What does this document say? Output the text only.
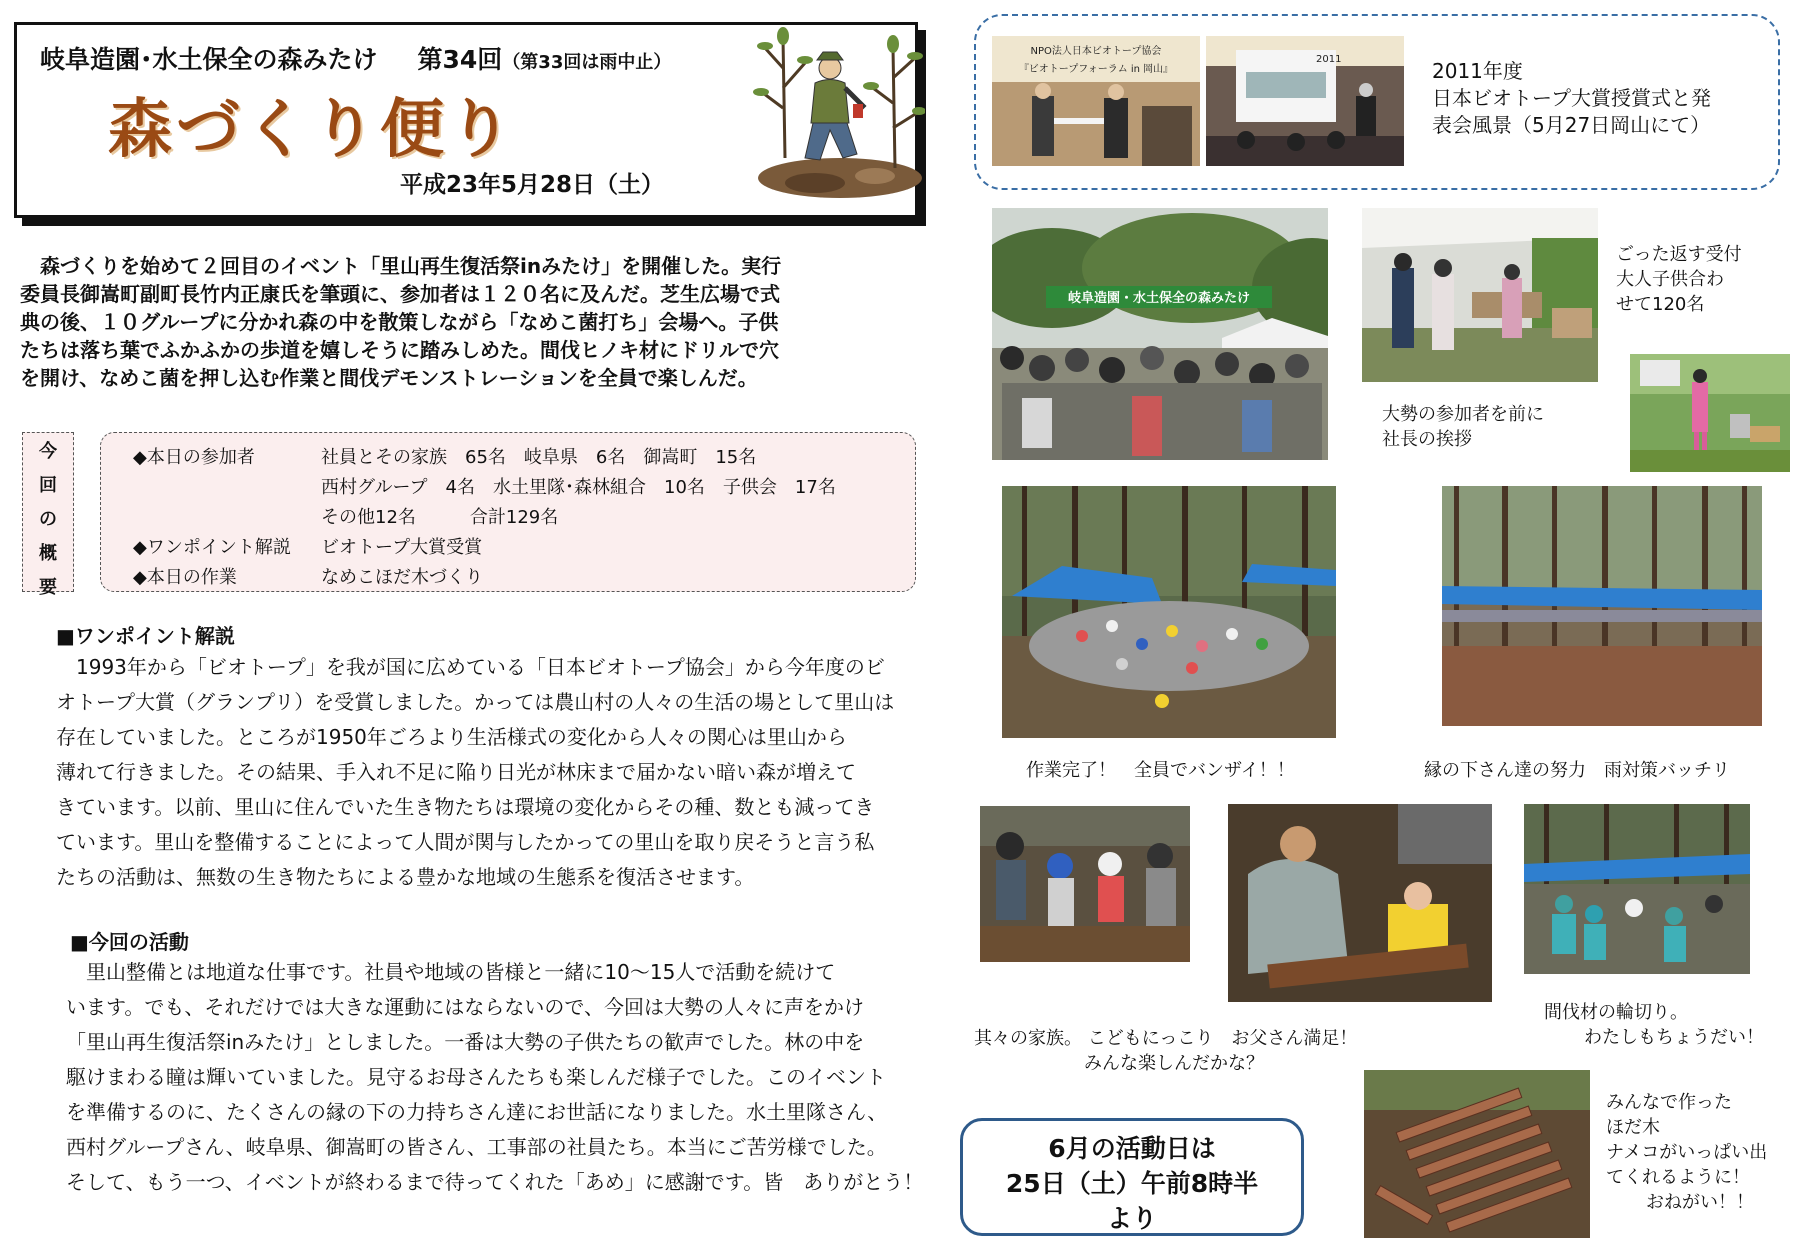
岐阜造園･水土保全の森みたけ 第34回（第33回は雨中止）
森づくり便り
平成23年5月28日（土）
　森づくりを始めて２回目のイベント「里山再生復活祭inみたけ」を開催した。実行
委員長御嵩町副町長竹内正康氏を筆頭に、参加者は１２０名に及んだ。芝生広場で式
典の後、１０グループに分かれ森の中を散策しながら「なめこ菌打ち」会場へ。子供
たちは落ち葉でふかふかの歩道を嬉しそうに踏みしめた。間伐ヒノキ材にドリルで穴
を開け、なめこ菌を押し込む作業と間伐デモンストレーションを全員で楽しんだ。
今
回
の
概
要
◆本日の参加者	社員とその家族　65名　岐阜県　6名　御嵩町　15名
西村グループ　4名　水土里隊･森林組合　10名　子供会　17名
その他12名　　　合計129名
◆ワンポイント解説 ビオトープ大賞受賞
◆本日の作業	なめこほだ木づくり
■ワンポイント解説
　1993年から「ビオトープ」を我が国に広めている「日本ビオトープ協会」から今年度のビ
オトープ大賞（グランプリ）を受賞しました。かっては農山村の人々の生活の場として里山は
存在していました。ところが1950年ごろより生活様式の変化から人々の関心は里山から
薄れて行きました。その結果、手入れ不足に陥り日光が林床まで届かない暗い森が増えて
きています。以前、里山に住んでいた生き物たちは環境の変化からその種、数とも減ってき
ています。里山を整備することによって人間が関与したかっての里山を取り戻そうと言う私
たちの活動は、無数の生き物たちによる豊かな地域の生態系を復活させます。
■今回の活動
　里山整備とは地道な仕事です。社員や地域の皆様と一緒に10～15人で活動を続けて
います。でも、それだけでは大きな運動にはならないので、今回は大勢の人々に声をかけ
「里山再生復活祭inみたけ」としました。一番は大勢の子供たちの歓声でした。林の中を
駆けまわる瞳は輝いていました。見守るお母さんたちも楽しんだ様子でした。このイベント
を準備するのに、たくさんの縁の下の力持ちさん達にお世話になりました。水土里隊さん、
西村グループさん、岐阜県、御嵩町の皆さん、工事部の社員たち。本当にご苦労様でした。
そして、もう一つ、イベントが終わるまで待ってくれた「あめ」に感謝です。皆　ありがとう！
NPO法人日本ビオトープ協会
『ビオトープフォーラム in 岡山』
2011	2011年度
日本ビオトープ大賞授賞式と発
表会風景（5月27日岡山にて）
岐阜造園・水土保全の森みたけ
ごった返す受付
大人子供合わ
せて120名
大勢の参加者を前に
社長の挨拶
作業完了！　全員でバンザイ！！	縁の下さん達の努力　雨対策バッチリ
其々の家族。 こどもにっこり　お父さん満足！
みんな楽しんだかな？
間伐材の輪切り。
わたしもちょうだい！
みんなで作った
ほだ木
ナメコがいっぱい出
てくれるように！
おねがい！！
6月の活動日は
25日（土）午前8時半
より
